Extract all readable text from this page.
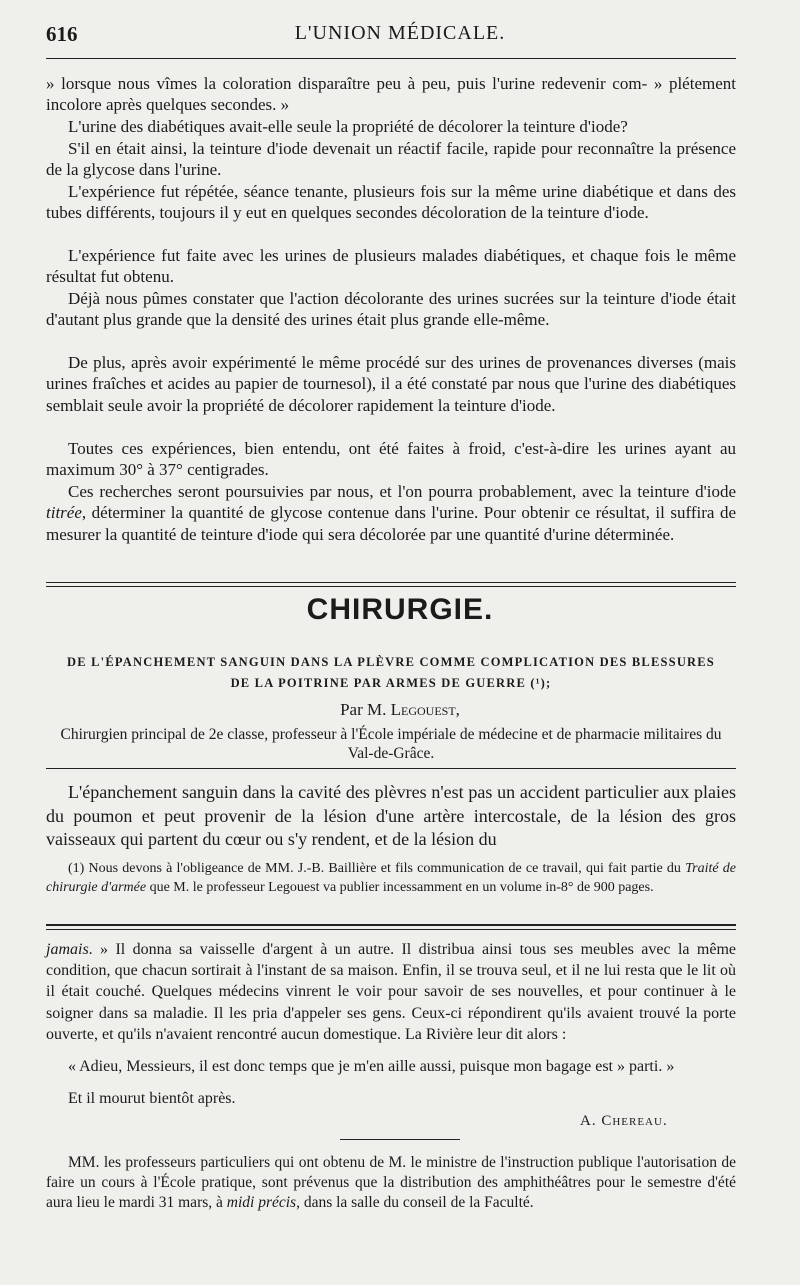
616	L'UNION MÉDICALE.

» lorsque nous vîmes la coloration disparaître peu à peu, puis l'urine redevenir com- » plétement incolore après quelques secondes. »

L'urine des diabétiques avait-elle seule la propriété de décolorer la teinture d'iode?

S'il en était ainsi, la teinture d'iode devenait un réactif facile, rapide pour reconnaître la présence de la glycose dans l'urine.

L'expérience fut répétée, séance tenante, plusieurs fois sur la même urine diabétique et dans des tubes différents, toujours il y eut en quelques secondes décoloration de la teinture d'iode.

L'expérience fut faite avec les urines de plusieurs malades diabétiques, et chaque fois le même résultat fut obtenu.

Déjà nous pûmes constater que l'action décolorante des urines sucrées sur la teinture d'iode était d'autant plus grande que la densité des urines était plus grande elle-même.

De plus, après avoir expérimenté le même procédé sur des urines de provenances diverses (mais urines fraîches et acides au papier de tournesol), il a été constaté par nous que l'urine des diabétiques semblait seule avoir la propriété de décolorer rapidement la teinture d'iode.

Toutes ces expériences, bien entendu, ont été faites à froid, c'est-à-dire les urines ayant au maximum 30° à 37° centigrades.

Ces recherches seront poursuivies par nous, et l'on pourra probablement, avec la teinture d'iode titrée, déterminer la quantité de glycose contenue dans l'urine. Pour obtenir ce résultat, il suffira de mesurer la quantité de teinture d'iode qui sera décolorée par une quantité d'urine déterminée.

CHIRURGIE.
DE L'ÉPANCHEMENT SANGUIN DANS LA PLÈVRE COMME COMPLICATION DES BLESSURES
DE LA POITRINE PAR ARMES DE GUERRE (¹);
Par M. Legouest,
Chirurgien principal de 2e classe, professeur à l'École impériale de médecine et de pharmacie militaires du Val-de-Grâce.

L'épanchement sanguin dans la cavité des plèvres n'est pas un accident particulier aux plaies du poumon et peut provenir de la lésion d'une artère intercostale, de la lésion des gros vaisseaux qui partent du cœur ou s'y rendent, et de la lésion du

(1) Nous devons à l'obligeance de MM. J.-B. Baillière et fils communication de ce travail, qui fait partie du Traité de chirurgie d'armée que M. le professeur Legouest va publier incessamment en un volume in-8° de 900 pages.

jamais. » Il donna sa vaisselle d'argent à un autre. Il distribua ainsi tous ses meubles avec la même condition, que chacun sortirait à l'instant de sa maison. Enfin, il se trouva seul, et il ne lui resta que le lit où il était couché. Quelques médecins vinrent le voir pour savoir de ses nouvelles, et pour continuer à le soigner dans sa maladie. Il les pria d'appeler ses gens. Ceux-ci répondirent qu'ils avaient trouvé la porte ouverte, et qu'ils n'avaient rencontré aucun domestique. La Rivière leur dit alors :

« Adieu, Messieurs, il est donc temps que je m'en aille aussi, puisque mon bagage est » parti. »

Et il mourut bientôt après.

A. Chereau.

MM. les professeurs particuliers qui ont obtenu de M. le ministre de l'instruction publique l'autorisation de faire un cours à l'École pratique, sont prévenus que la distribution des amphithéâtres pour le semestre d'été aura lieu le mardi 31 mars, à midi précis, dans la salle du conseil de la Faculté.
